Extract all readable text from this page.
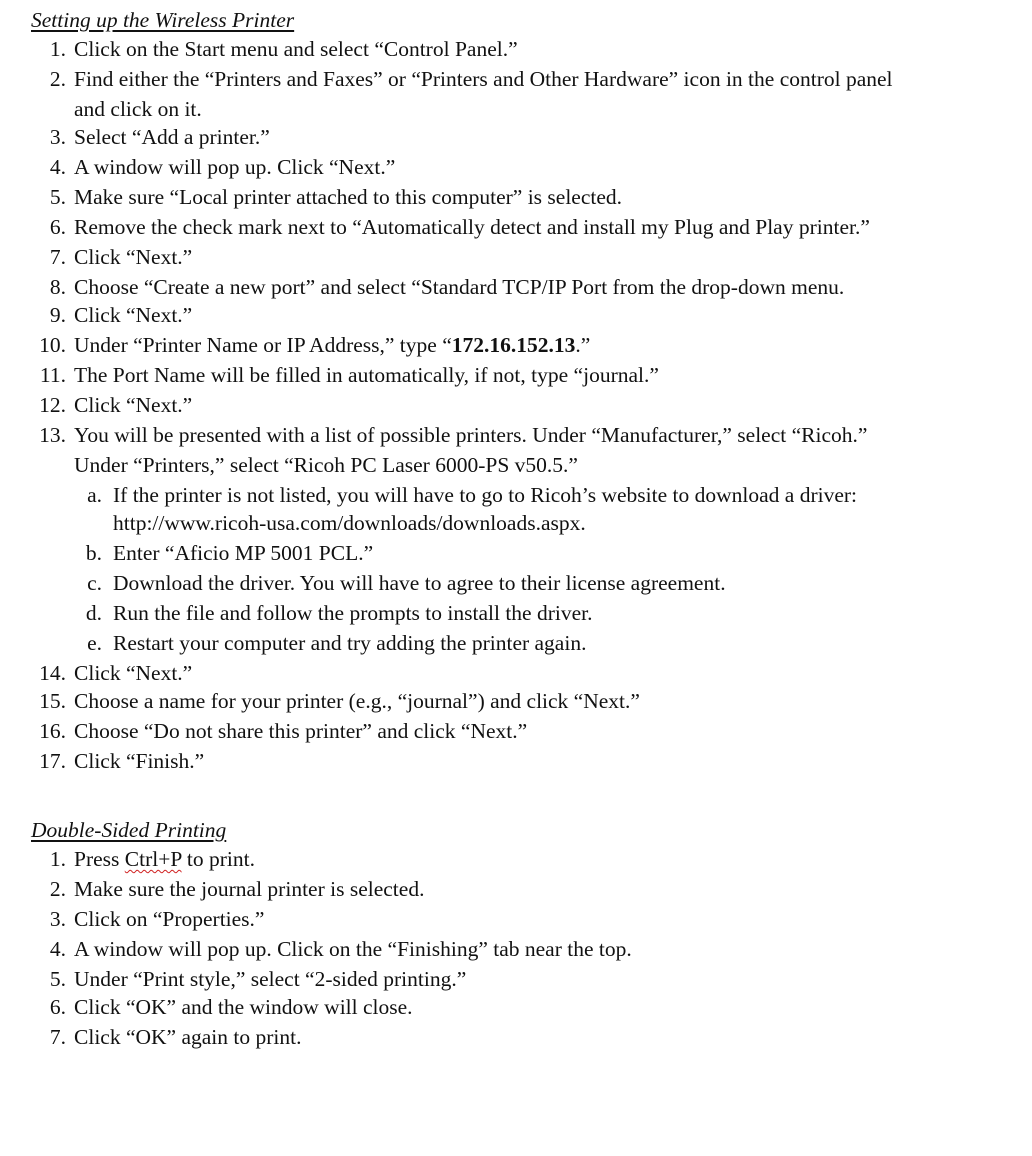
Setting up the Wireless Printer
1. Click on the Start menu and select “Control Panel.”
2. Find either the “Printers and Faxes” or “Printers and Other Hardware” icon in the control panel
and click on it.
3. Select “Add a printer.”
4. A window will pop up. Click “Next.”
5. Make sure “Local printer attached to this computer” is selected.
6. Remove the check mark next to “Automatically detect and install my Plug and Play printer.”
7. Click “Next.”
8. Choose “Create a new port” and select “Standard TCP/IP Port from the drop-down menu.
9. Click “Next.”
10. Under “Printer Name or IP Address,” type “172.16.152.13.”
11. The Port Name will be filled in automatically, if not, type “journal.”
12. Click “Next.”
13. You will be presented with a list of possible printers. Under “Manufacturer,” select “Ricoh.”
Under “Printers,” select “Ricoh PC Laser 6000-PS v50.5.”
a. If the printer is not listed, you will have to go to Ricoh’s website to download a driver:
http://www.ricoh-usa.com/downloads/downloads.aspx.
b. Enter “Aficio MP 5001 PCL.”
c. Download the driver. You will have to agree to their license agreement.
d. Run the file and follow the prompts to install the driver.
e. Restart your computer and try adding the printer again.
14. Click “Next.”
15. Choose a name for your printer (e.g., “journal”) and click “Next.”
16. Choose “Do not share this printer” and click “Next.”
17. Click “Finish.”
Double-Sided Printing
1. Press Ctrl+P to print.
2. Make sure the journal printer is selected.
3. Click on “Properties.”
4. A window will pop up. Click on the “Finishing” tab near the top.
5. Under “Print style,” select “2-sided printing.”
6. Click “OK” and the window will close.
7. Click “OK” again to print.
